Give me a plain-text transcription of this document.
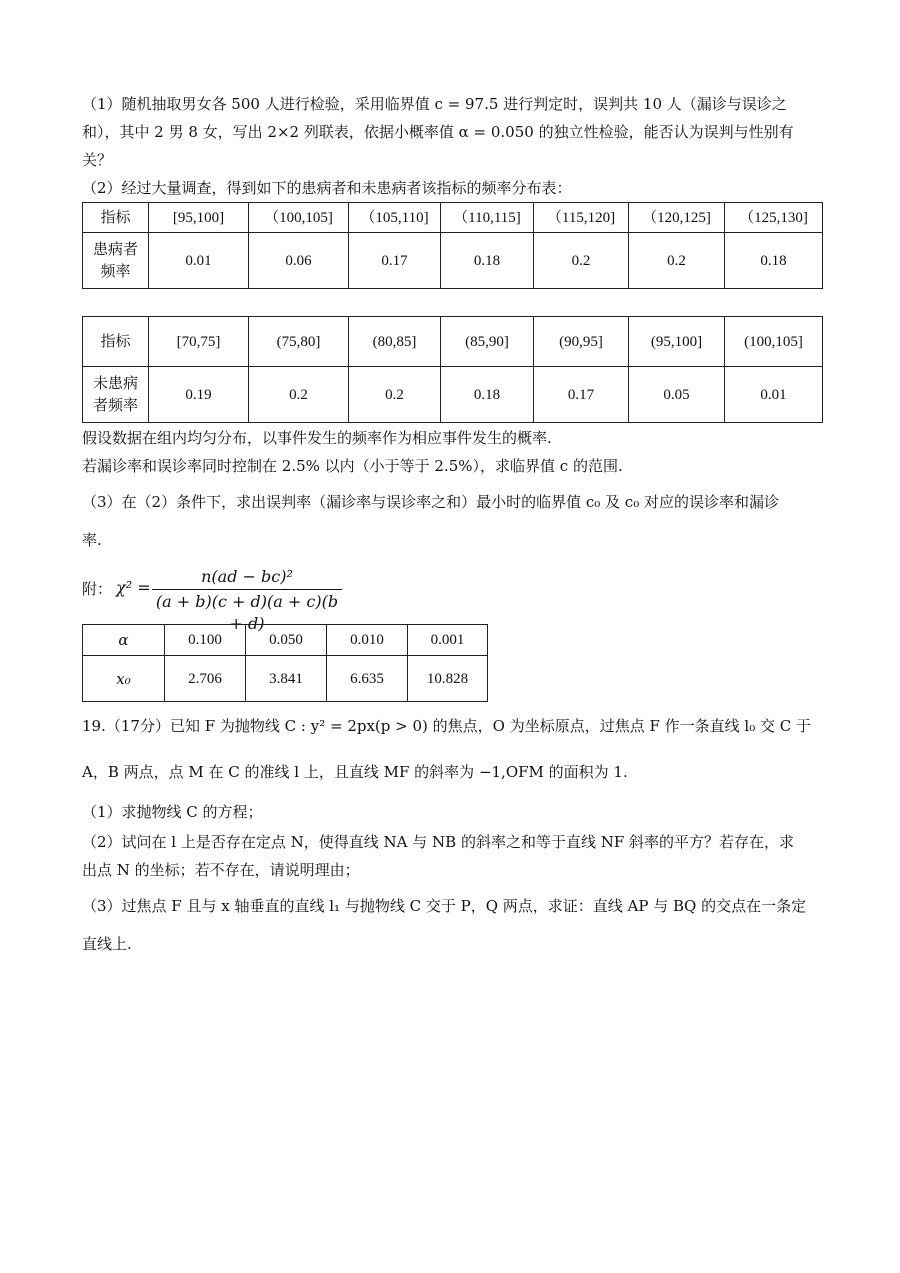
（1）随机抽取男女各 500 人进行检验，采用临界值 c = 97.5 进行判定时，误判共 10 人（漏诊与误诊之
和），其中 2 男 8 女，写出 2×2 列联表，依据小概率值 α = 0.050 的独立性检验，能否认为误判与性别有
关？
（2）经过大量调查，得到如下的患病者和未患病者该指标的频率分布表：
指标	[95,100]	（100,105]	（105,110]	（110,115]	（115,120]	（120,125]	（125,130]
患病者
频率	0.01	0.06	0.17	0.18	0.2	0.2	0.18
指标	[70,75]	(75,80]	(80,85]	(85,90]	(90,95]	(95,100]	(100,105]
未患病
者频率	0.19	0.2	0.2	0.18	0.17	0.05	0.01
假设数据在组内均匀分布，以事件发生的频率作为相应事件发生的概率.
若漏诊率和误诊率同时控制在 2.5% 以内（小于等于 2.5%），求临界值 c 的范围.
（3）在（2）条件下，求出误判率（漏诊率与误诊率之和）最小时的临界值 c₀ 及 c₀ 对应的误诊率和漏诊
率.
附： χ² =
n(ad − bc)²
(a + b)(c + d)(a + c)(b + d)
α	0.100	0.050	0.010	0.001
x₀	2.706	3.841	6.635	10.828
19.（17分）已知 F 为抛物线 C : y² = 2px(p > 0) 的焦点，O 为坐标原点，过焦点 F 作一条直线 l₀ 交 C 于
A，B 两点，点 M 在 C 的准线 l 上，且直线 MF 的斜率为 −1,󠆶OFM 的面积为 1.
（1）求抛物线 C 的方程；
（2）试问在 l 上是否存在定点 N，使得直线 NA 与 NB 的斜率之和等于直线 NF 斜率的平方？若存在，求
出点 N 的坐标；若不存在，请说明理由；
（3）过焦点 F 且与 x 轴垂直的直线 l₁ 与抛物线 C 交于 P，Q 两点，求证：直线 AP 与 BQ 的交点在一条定
直线上.
